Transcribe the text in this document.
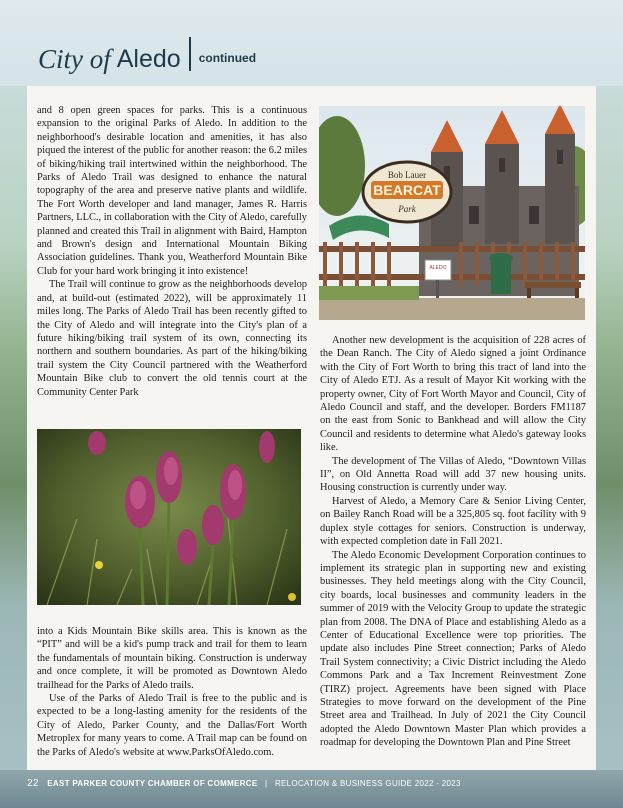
City of Aledo continued

and 8 open green spaces for parks. This is a continuous expansion to the original Parks of Aledo. In addition to the neighborhood's desirable location and amenities, it has also piqued the interest of the public for another reason: the 6.2 miles of biking/hiking trail intertwined within the neighborhood. The Parks of Aledo Trail was designed to enhance the natural topography of the area and preserve native plants and wildlife. The Fort Worth developer and land manager, James R. Harris Partners, LLC., in collaboration with the City of Aledo, carefully planned and created this Trail in alignment with Baird, Hampton and Brown's design and International Mountain Biking Association guidelines. Thank you, Weatherford Mountain Bike Club for your hard work bringing it into existence!

The Trail will continue to grow as the neighborhoods develop and, at build-out (estimated 2022), will be approximately 11 miles long. The Parks of Aledo Trail has been recently gifted to the City of Aledo and will integrate into the City's plan of a future hiking/biking trail system of its own, connecting its northern and southern boundaries. As part of the hiking/biking trail system the City Council partnered with the Weatherford Mountain Bike club to convert the old tennis court at the Community Center Park

into a Kids Mountain Bike skills area. This is known as the “PIT” and will be a kid's pump track and trail for them to learn the fundamentals of mountain biking. Construction is underway and once complete, it will be promoted as Downtown Aledo trailhead for the Parks of Aledo trails.

Use of the Parks of Aledo Trail is free to the public and is expected to be a long-lasting amenity for the residents of the City of Aledo, Parker County, and the Dallas/Fort Worth Metroplex for many years to come. A Trail map can be found on the Parks of Aledo's website at www.ParksOfAledo.com.

Bob Lauer
BEARCAT
Park
ALEDO

Another new development is the acquisition of 228 acres of the Dean Ranch. The City of Aledo signed a joint Ordinance with the City of Fort Worth to bring this tract of land into the City of Aledo ETJ. As a result of Mayor Kit working with the property owner, City of Fort Worth Mayor and Council, City of Aledo Council and staff, and the developer. Borders FM1187 on the east from Sonic to Bankhead and will allow the City Council and residents to determine what Aledo's gateway looks like.

The development of The Villas of Aledo, “Downtown Villas II”, on Old Annetta Road will add 37 new housing units. Housing construction is currently under way.

Harvest of Aledo, a Memory Care & Senior Living Center, on Bailey Ranch Road will be a 325,805 sq. foot facility with 9 duplex style cottages for seniors. Construction is underway, with expected completion date in Fall 2021.

The Aledo Economic Development Corporation continues to implement its strategic plan in supporting new and existing businesses. They held meetings along with the City Council, city boards, local businesses and community leaders in the summer of 2019 with the Velocity Group to update the strategic plan from 2008. The DNA of Place and establishing Aledo as a Center of Educational Excellence were top priorities. The update also includes Pine Street connection; Parks of Aledo Trail System connectivity; a Civic District including the Aledo Commons Park and a Tax Increment Reinvestment Zone (TIRZ) project. Agreements have been signed with Place Strategies to move forward on the development of the Pine Street area and Trailhead. In July of 2021 the City Council adopted the Aledo Downtown Master Plan which provides a roadmap for developing the Downtown Plan and Pine Street

22 EAST PARKER COUNTY CHAMBER OF COMMERCE | RELOCATION & BUSINESS GUIDE 2022 - 2023
